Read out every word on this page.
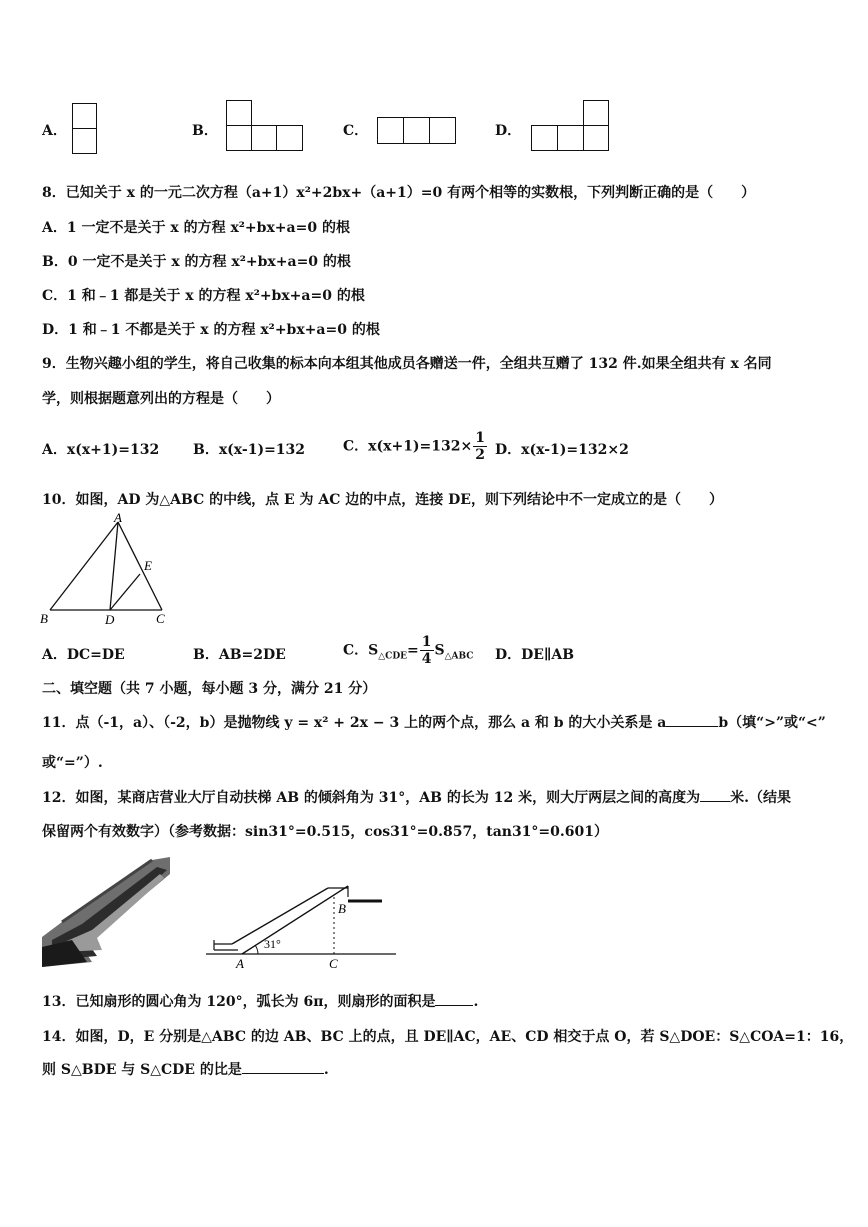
A．	B．	C．	D．
8．已知关于 x 的一元二次方程（a+1）x²+2bx+（a+1）=0 有两个相等的实数根，下列判断正确的是（　　）
A．1 一定不是关于 x 的方程 x²+bx+a=0 的根
B．0 一定不是关于 x 的方程 x²+bx+a=0 的根
C．1 和﹣1 都是关于 x 的方程 x²+bx+a=0 的根
D．1 和﹣1 不都是关于 x 的方程 x²+bx+a=0 的根
9．生物兴趣小组的学生，将自己收集的标本向本组其他成员各赠送一件，全组共互赠了 132 件.如果全组共有 x 名同
学，则根据题意列出的方程是（　　）
A．x(x+1)=132 B．x(x-1)=132	C．$x(x+1)=132\times \frac{1}{2}$ D．x(x-1)=132×2
10．如图，AD 为△ABC 的中线，点 E 为 AC 边的中点，连接 DE，则下列结论中不一定成立的是（　　）
A
B	C
D
E
A．DC=DE	B．AB=2DE	C．$S_{\triangle CDE}= \frac{1}{4} S_{\triangle ABC}$ D．DE∥AB
二、填空题（共 7 小题，每小题 3 分，满分 21 分）
11．点（-1，a）、（-2，b）是抛物线 y = x² + 2x − 3 上的两个点，那么 a 和 b 的大小关系是 a	b（填“>”或“<”
或“=”）.
12．如图，某商店营业大厅自动扶梯 AB 的倾斜角为 31°，AB 的长为 12 米，则大厅两层之间的高度为 米.（结果
保留两个有效数字）（参考数据：sin31°=0.515，cos31°=0.857，tan31°=0.601）
A
B
C
31°
13．已知扇形的圆心角为 120°，弧长为 6π，则扇形的面积是	.
14．如图，D，E 分别是△ABC 的边 AB、BC 上的点，且 DE∥AC，AE、CD 相交于点 O，若 S△DOE：S△COA=1：16，
则 S△BDE 与 S△CDE 的比是	.
